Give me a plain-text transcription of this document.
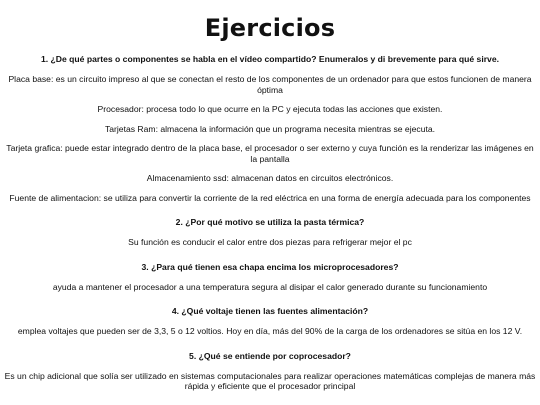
Ejercicios

1. ¿De qué partes o componentes se habla en el vídeo compartido? Enumeralos y di brevemente para qué sirve.

Placa base: es un circuito impreso al que se conectan el resto de los componentes de un ordenador para que estos funcionen de manera óptima

Procesador: procesa todo lo que ocurre en la PC y ejecuta todas las acciones que existen.

Tarjetas Ram: almacena la información que un programa necesita mientras se ejecuta.

Tarjeta grafica: puede estar integrado dentro de la placa base, el procesador o ser externo y cuya función es la renderizar las imágenes en la pantalla

Almacenamiento ssd: almacenan datos en circuitos electrónicos.

Fuente de alimentacion: se utiliza para convertir la corriente de la red eléctrica en una forma de energía adecuada para los componentes

2. ¿Por qué motivo se utiliza la pasta térmica?

Su función es conducir el calor entre dos piezas para refrigerar mejor el pc

3. ¿Para qué tienen esa chapa encima los microprocesadores?

ayuda a mantener el procesador a una temperatura segura al disipar el calor generado durante su funcionamiento

4. ¿Qué voltaje tienen las fuentes alimentación?

emplea voltajes que pueden ser de 3,3, 5 o 12 voltios. Hoy en día, más del 90% de la carga de los ordenadores se sitúa en los 12 V.

5. ¿Qué se entiende por coprocesador?

Es un chip adicional que solía ser utilizado en sistemas computacionales para realizar operaciones matemáticas complejas de manera más rápida y eficiente que el procesador principal
